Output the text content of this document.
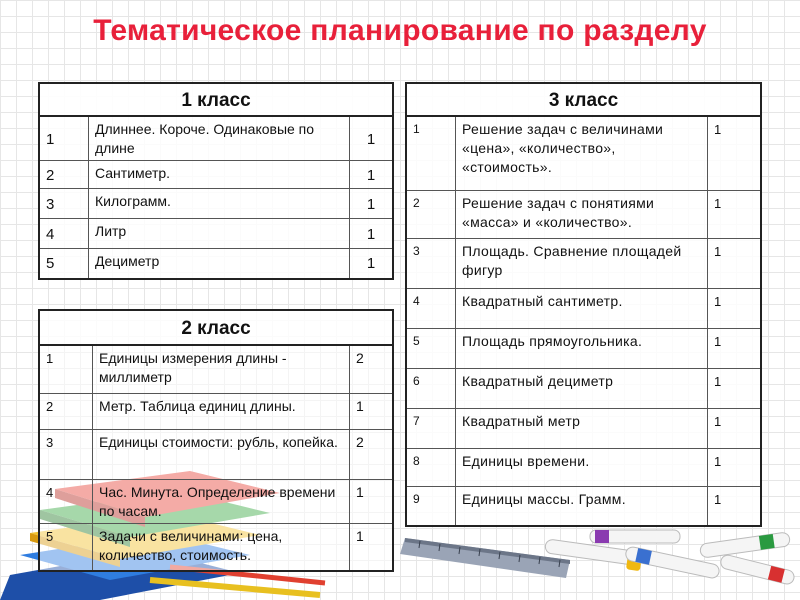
Тематическое планирование по разделу
1 класс		
1	Длиннее. Короче. Одинаковые по длине	1
2	Сантиметр.	1
3	Килограмм.	1
4	Литр	1
5	Дециметр	1
2 класс		
1	Единицы измерения длины - миллиметр	2
2	Метр. Таблица единиц длины.	1
3	Единицы стоимости: рубль, копейка.	2
4	Час. Минута. Определение времени по часам.	1
5	Задачи с величинами: цена, количество, стоимость.	1
3 класс		
1	Решение задач с величинами «цена», «количество», «стоимость».	1
2	Решение задач с понятиями «масса» и «количество».	1
3	Площадь. Сравнение площадей фигур	1
4	Квадратный сантиметр.	1
5	Площадь прямоугольника.	1
6	Квадратный дециметр	1
7	Квадратный метр	1
8	Единицы времени.	1
9	Единицы массы. Грамм.	1
